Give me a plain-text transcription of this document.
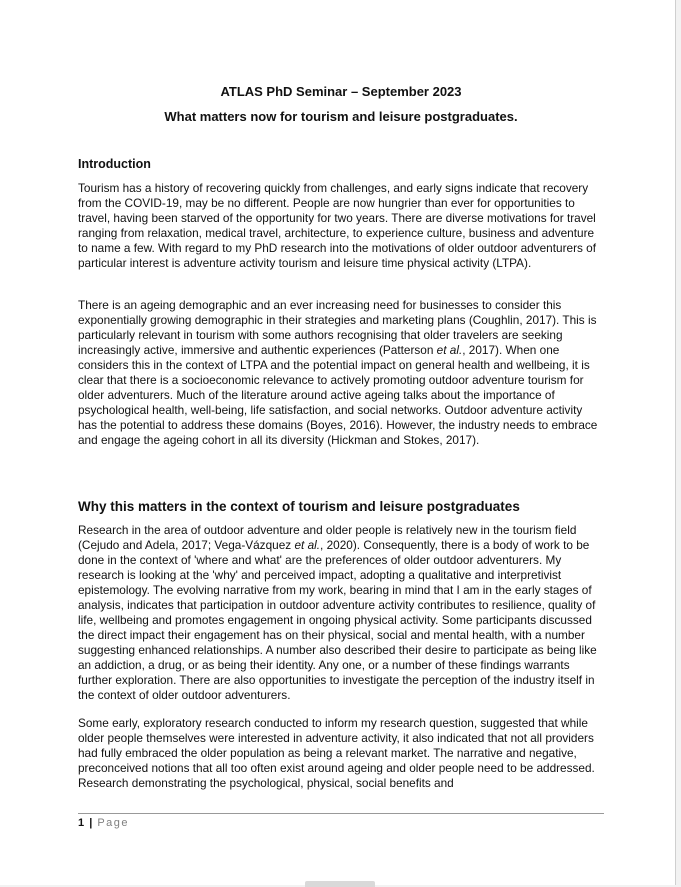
ATLAS PhD Seminar – September 2023
What matters now for tourism and leisure postgraduates.
Introduction

Tourism has a history of recovering quickly from challenges, and early signs indicate that recovery from the COVID-19, may be no different. People are now hungrier than ever for opportunities to travel, having been starved of the opportunity for two years. There are diverse motivations for travel ranging from relaxation, medical travel, architecture, to experience culture, business and adventure to name a few. With regard to my PhD research into the motivations of older outdoor adventurers of particular interest is adventure activity tourism and leisure time physical activity (LTPA).

There is an ageing demographic and an ever increasing need for businesses to consider this exponentially growing demographic in their strategies and marketing plans (Coughlin, 2017). This is particularly relevant in tourism with some authors recognising that older travelers are seeking increasingly active, immersive and authentic experiences (Patterson et al., 2017). When one considers this in the context of LTPA and the potential impact on general health and wellbeing, it is clear that there is a socioeconomic relevance to actively promoting outdoor adventure tourism for older adventurers. Much of the literature around active ageing talks about the importance of psychological health, well-being, life satisfaction, and social networks. Outdoor adventure activity has the potential to address these domains (Boyes, 2016). However, the industry needs to embrace and engage the ageing cohort in all its diversity (Hickman and Stokes, 2017).

Why this matters in the context of tourism and leisure postgraduates

Research in the area of outdoor adventure and older people is relatively new in the tourism field (Cejudo and Adela, 2017; Vega-Vázquez et al., 2020). Consequently, there is a body of work to be done in the context of 'where and what' are the preferences of older outdoor adventurers. My research is looking at the 'why' and perceived impact, adopting a qualitative and interpretivist epistemology. The evolving narrative from my work, bearing in mind that I am in the early stages of analysis, indicates that participation in outdoor adventure activity contributes to resilience, quality of life, wellbeing and promotes engagement in ongoing physical activity. Some participants discussed the direct impact their engagement has on their physical, social and mental health, with a number suggesting enhanced relationships. A number also described their desire to participate as being like an addiction, a drug, or as being their identity. Any one, or a number of these findings warrants further exploration. There are also opportunities to investigate the perception of the industry itself in the context of older outdoor adventurers.

Some early, exploratory research conducted to inform my research question, suggested that while older people themselves were interested in adventure activity, it also indicated that not all providers had fully embraced the older population as being a relevant market. The narrative and negative, preconceived notions that all too often exist around ageing and older people need to be addressed. Research demonstrating the psychological, physical, social benefits and

1 | Page
